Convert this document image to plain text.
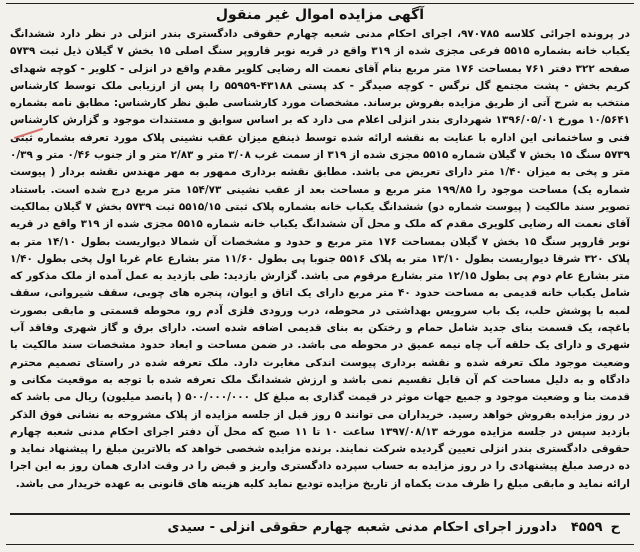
آگهی مزایده اموال غیر منقول

در پرونده اجرائی کلاسه ۹۷۰۷۸۵، اجرای احکام مدنی شعبه چهارم حقوقی دادگستری بندر انزلی در نظر دارد ششدانگ یکباب خانه بشماره ۵۵۱۵ فرعی مجزی شده از ۳۱۹ واقع در قریه نوبر قاروپر سنگ اصلی ۱۵ بخش ۷ گیلان ذیل ثبت ۵۷۳۹ صفحه ۳۲۲ دفتر ۷۶۱ بمساحت ۱۷۶ متر مربع بنام آقای نعمت اله رضایی کلویر مقدم واقع در انزلی - کلویر - کوچه شهدای کریم بخش - پشت مجتمع گل نرگس - کوچه صیدگر - کد پستی ۴۳۱۸۸-۵۵۹۵۹ را پس از ارزیابی ملک توسط کارشناس منتخب به شرح آتی از طریق مزایده بفروش برساند. مشخصات مورد کارشناسی طبق نظر کارشناس: مطابق نامه بشماره ۱۰/۵۶۴۱ مورخ ۱۳۹۶/۰۵/۰۱ شهرداری بندر انزلی اعلام می دارد که بر اساس سوابق و مستندات موجود و گزارش کارشناس فنی و ساختمانی این اداره با عنایت به نقشه ارائه شده توسط ذینفع میزان عقب نشینی پلاک مورد تعرفه بشماره ثبتی ۵۷۳۹ سنگ ۱۵ بخش ۷ گیلان شماره ۵۵۱۵ مجزی شده از ۳۱۹ از سمت غرب ۳/۰۸ متر و ۲/۸۳ متر و از جنوب ۰/۴۶ متر و ۰/۳۹ متر و پخی به میزان ۱/۴۰ متر دارای تعریض می باشد. مطابق نقشه برداری ممهور به مهر مهندس نقشه بردار ( پیوست شماره یک) مساحت موجود را ۱۹۹/۸۵ متر مربع و مساحت بعد از عقب نشینی ۱۵۴/۷۳ متر مربع درج شده است. باستناد تصویر سند مالکیت ( پیوست شماره دو) ششدانگ یکباب خانه بشماره پلاک ثبتی ۵۵۱۵/۱۵ ثبت ۵۷۳۹ بخش ۷ گیلان بمالکیت آقای نعمت اله رضایی کلویری مقدم که ملک و محل آن ششدانگ یکباب خانه شماره ۵۵۱۵ مجزی شده از ۳۱۹ واقع در قریه نوبر قاروپر سنگ ۱۵ بخش ۷ گیلان بمساحت ۱۷۶ متر مربع و حدود و مشخصات آن شمالا دیواریست بطول ۱۴/۱۰ متر به پلاک ۳۲۰ شرقا دیواریست بطول ۱۳/۱۰ متر به پلاک ۵۵۱۶ جنوبا پی بطول ۱۱/۶۰ متر بشارع عام غربا اول پخی بطول ۱/۴۰ متر بشارع عام دوم پی بطول ۱۲/۱۵ متر بشارع مرقوم می باشد. گزارش بازدید: طی بازدید به عمل آمده از ملک مذکور که شامل یکباب خانه قدیمی به مساحت حدود ۴۰ متر مربع دارای یک اتاق و ایوان، پنجره های چوبی، سقف شیروانی، سقف لمبه با پوشش حلب، یک باب سرویس بهداشتی در محوطه، درب ورودی فلزی آدم رو، محوطه قسمتی و مابقی بصورت باغچه، یک قسمت بنای جدید شامل حمام و رختکن به بنای قدیمی اضافه شده است. دارای برق و گاز شهری وفاقد آب شهری و دارای یک حلقه آب چاه نیمه عمیق در محوطه می باشد. در ضمن مساحت و ابعاد حدود مشخصات سند مالکیت با وضعیت موجود ملک تعرفه شده و نقشه برداری پیوست اندکی مغایرت دارد. ملک تعرفه شده در راستای تصمیم محترم دادگاه و به دلیل مساحت کم آن قابل تقسیم نمی باشد و ارزش ششدانگ ملک تعرفه شده با توجه به موقعیت مکانی و قدمت بنا و وضعیت موجود و جمیع جهات موثر در قیمت گذاری به مبلغ کل ۵۰۰/۰۰۰/۰۰۰ ( پانصد میلیون) ریال می باشد که در روز مزایده بفروش خواهد رسید. خریداران می توانند ۵ روز قبل از جلسه مزایده از پلاک مشروحه به نشانی فوق الذکر بازدید سپس در جلسه مزایده مورخه ۱۳۹۷/۰۸/۱۳ ساعت ۱۰ تا ۱۱ صبح که محل آن دفتر اجرای احکام مدنی شعبه چهارم حقوقی دادگستری بندر انزلی تعیین گردیده شرکت نمایند. برنده مزایده شخصی خواهد که بالاترین مبلغ را پیشنهاد نماید و ده درصد مبلغ پیشنهادی را در روز مزایده به حساب سپرده دادگستری واریز و قبض را در وقت اداری همان روز به این اجرا ارائه نماید و مابقی مبلغ را ظرف مدت یکماه از تاریخ مزایده تودیع نماید کلیه هزینه های قانونی به عهده خریدار می باشد.

ح
۴۵۵۹
دادورز اجرای احکام مدنی شعبه چهارم حقوقی انزلی - سیدی
